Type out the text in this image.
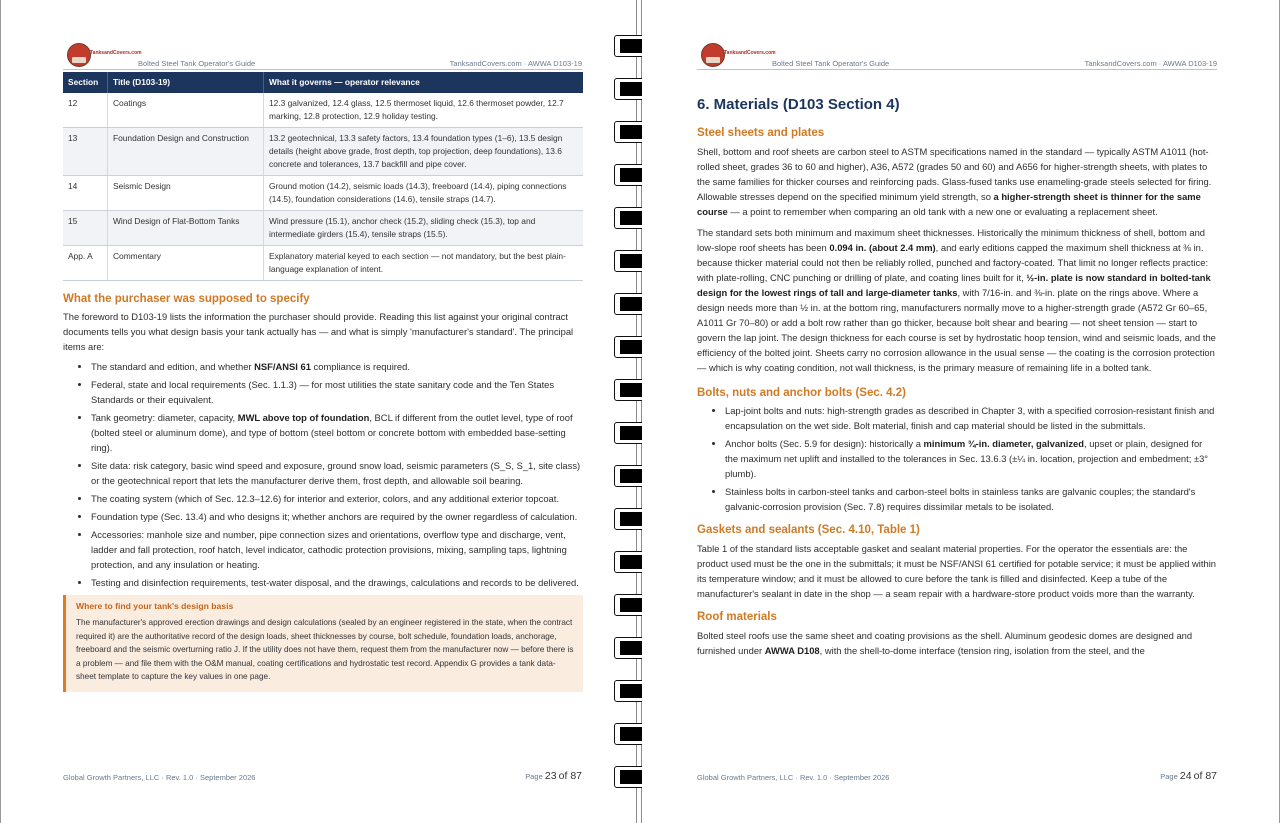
TanksandCovers.com
Bolted Steel Tank Operator's Guide	TanksandCovers.com · AWWA D103-19
Section	Title (D103-19)	What it governs — operator relevance
12	Coatings	12.3 galvanized, 12.4 glass, 12.5 thermoset liquid, 12.6 thermoset powder, 12.7 marking, 12.8 protection, 12.9 holiday testing.
13	Foundation Design and Construction	13.2 geotechnical, 13.3 safety factors, 13.4 foundation types (1–6), 13.5 design details (height above grade, frost depth, top projection, deep foundations), 13.6 concrete and tolerances, 13.7 backfill and pipe cover.
14	Seismic Design	Ground motion (14.2), seismic loads (14.3), freeboard (14.4), piping connections (14.5), foundation considerations (14.6), tensile straps (14.7).
15	Wind Design of Flat-Bottom Tanks	Wind pressure (15.1), anchor check (15.2), sliding check (15.3), top and intermediate girders (15.4), tensile straps (15.5).
App. A	Commentary	Explanatory material keyed to each section — not mandatory, but the best plain-language explanation of intent.
What the purchaser was supposed to specify

The foreword to D103-19 lists the information the purchaser should provide. Reading this list against your original contract documents tells you what design basis your tank actually has — and what is simply 'manufacturer's standard'. The principal items are:

• The standard and edition, and whether NSF/ANSI 61 compliance is required.
• Federal, state and local requirements (Sec. 1.1.3) — for most utilities the state sanitary code and the Ten States Standards or their equivalent.
• Tank geometry: diameter, capacity, MWL above top of foundation, BCL if different from the outlet level, type of roof (bolted steel or aluminum dome), and type of bottom (steel bottom or concrete bottom with embedded base-setting ring).
• Site data: risk category, basic wind speed and exposure, ground snow load, seismic parameters (S_S, S_1, site class) or the geotechnical report that lets the manufacturer derive them, frost depth, and allowable soil bearing.
• The coating system (which of Sec. 12.3–12.6) for interior and exterior, colors, and any additional exterior topcoat.
• Foundation type (Sec. 13.4) and who designs it; whether anchors are required by the owner regardless of calculation.
• Accessories: manhole size and number, pipe connection sizes and orientations, overflow type and discharge, vent, ladder and fall protection, roof hatch, level indicator, cathodic protection provisions, mixing, sampling taps, lightning protection, and any insulation or heating.
• Testing and disinfection requirements, test-water disposal, and the drawings, calculations and records to be delivered.
Where to find your tank's design basis

The manufacturer's approved erection drawings and design calculations (sealed by an engineer registered in the state, when the contract required it) are the authoritative record of the design loads, sheet thicknesses by course, bolt schedule, foundation loads, anchorage, freeboard and the seismic overturning ratio J. If the utility does not have them, request them from the manufacturer now — before there is a problem — and file them with the O&M manual, coating certifications and hydrostatic test record. Appendix G provides a tank data-sheet template to capture the key values in one page.

Global Growth Partners, LLC · Rev. 1.0 · September 2026	Page 23 of 87
TanksandCovers.com
Bolted Steel Tank Operator's Guide	TanksandCovers.com · AWWA D103-19
6. Materials (D103 Section 4)
Steel sheets and plates

Shell, bottom and roof sheets are carbon steel to ASTM specifications named in the standard — typically ASTM A1011 (hot-rolled sheet, grades 36 to 60 and higher), A36, A572 (grades 50 and 60) and A656 for higher-strength sheets, with plates to the same families for thicker courses and reinforcing pads. Glass-fused tanks use enameling-grade steels selected for firing. Allowable stresses depend on the specified minimum yield strength, so a higher-strength sheet is thinner for the same course — a point to remember when comparing an old tank with a new one or evaluating a replacement sheet.

The standard sets both minimum and maximum sheet thicknesses. Historically the minimum thickness of shell, bottom and low-slope roof sheets has been 0.094 in. (about 2.4 mm), and early editions capped the maximum shell thickness at ⅜ in. because thicker material could not then be reliably rolled, punched and factory-coated. That limit no longer reflects practice: with plate-rolling, CNC punching or drilling of plate, and coating lines built for it, ½-in. plate is now standard in bolted-tank design for the lowest rings of tall and large-diameter tanks, with 7/16-in. and ⅜-in. plate on the rings above. Where a design needs more than ½ in. at the bottom ring, manufacturers normally move to a higher-strength grade (A572 Gr 60–65, A1011 Gr 70–80) or add a bolt row rather than go thicker, because bolt shear and bearing — not sheet tension — start to govern the lap joint. The design thickness for each course is set by hydrostatic hoop tension, wind and seismic loads, and the efficiency of the bolted joint. Sheets carry no corrosion allowance in the usual sense — the coating is the corrosion protection — which is why coating condition, not wall thickness, is the primary measure of remaining life in a bolted tank.

Bolts, nuts and anchor bolts (Sec. 4.2)
• Lap-joint bolts and nuts: high-strength grades as described in Chapter 3, with a specified corrosion-resistant finish and encapsulation on the wet side. Bolt material, finish and cap material should be listed in the submittals.
• Anchor bolts (Sec. 5.9 for design): historically a minimum ¾-in. diameter, galvanized, upset or plain, designed for the maximum net uplift and installed to the tolerances in Sec. 13.6.3 (±¼ in. location, projection and embedment; ±3° plumb).
• Stainless bolts in carbon-steel tanks and carbon-steel bolts in stainless tanks are galvanic couples; the standard's galvanic-corrosion provision (Sec. 7.8) requires dissimilar metals to be isolated.
Gaskets and sealants (Sec. 4.10, Table 1)

Table 1 of the standard lists acceptable gasket and sealant material properties. For the operator the essentials are: the product used must be the one in the submittals; it must be NSF/ANSI 61 certified for potable service; it must be applied within its temperature window; and it must be allowed to cure before the tank is filled and disinfected. Keep a tube of the manufacturer's sealant in date in the shop — a seam repair with a hardware-store product voids more than the warranty.

Roof materials

Bolted steel roofs use the same sheet and coating provisions as the shell. Aluminum geodesic domes are designed and furnished under AWWA D108, with the shell-to-dome interface (tension ring, isolation from the steel, and the

Global Growth Partners, LLC · Rev. 1.0 · September 2026	Page 24 of 87
